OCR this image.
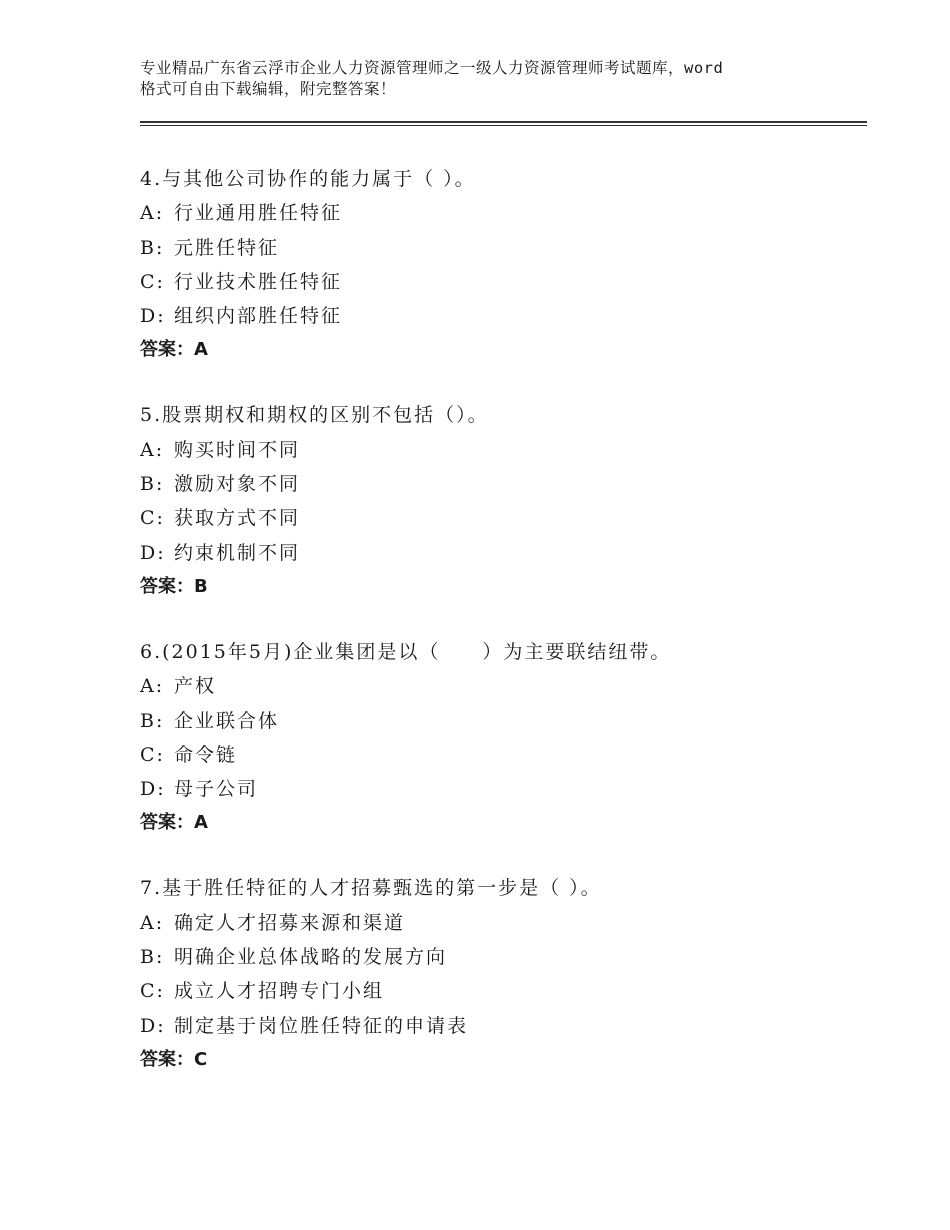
专业精品广东省云浮市企业人力资源管理师之一级人力资源管理师考试题库，word
格式可自由下载编辑，附完整答案！
4.与其他公司协作的能力属于（ ）。
A: 行业通用胜任特征
B: 元胜任特征
C: 行业技术胜任特征
D: 组织内部胜任特征
答案：A
5.股票期权和期权的区别不包括（）。
A: 购买时间不同
B: 激励对象不同
C: 获取方式不同
D: 约束机制不同
答案：B
6.(2015年5月)企业集团是以（　　）为主要联结纽带。
A: 产权
B: 企业联合体
C: 命令链
D: 母子公司
答案：A
7.基于胜任特征的人才招募甄选的第一步是（ ）。
A: 确定人才招募来源和渠道
B: 明确企业总体战略的发展方向
C: 成立人才招聘专门小组
D: 制定基于岗位胜任特征的申请表
答案：C
